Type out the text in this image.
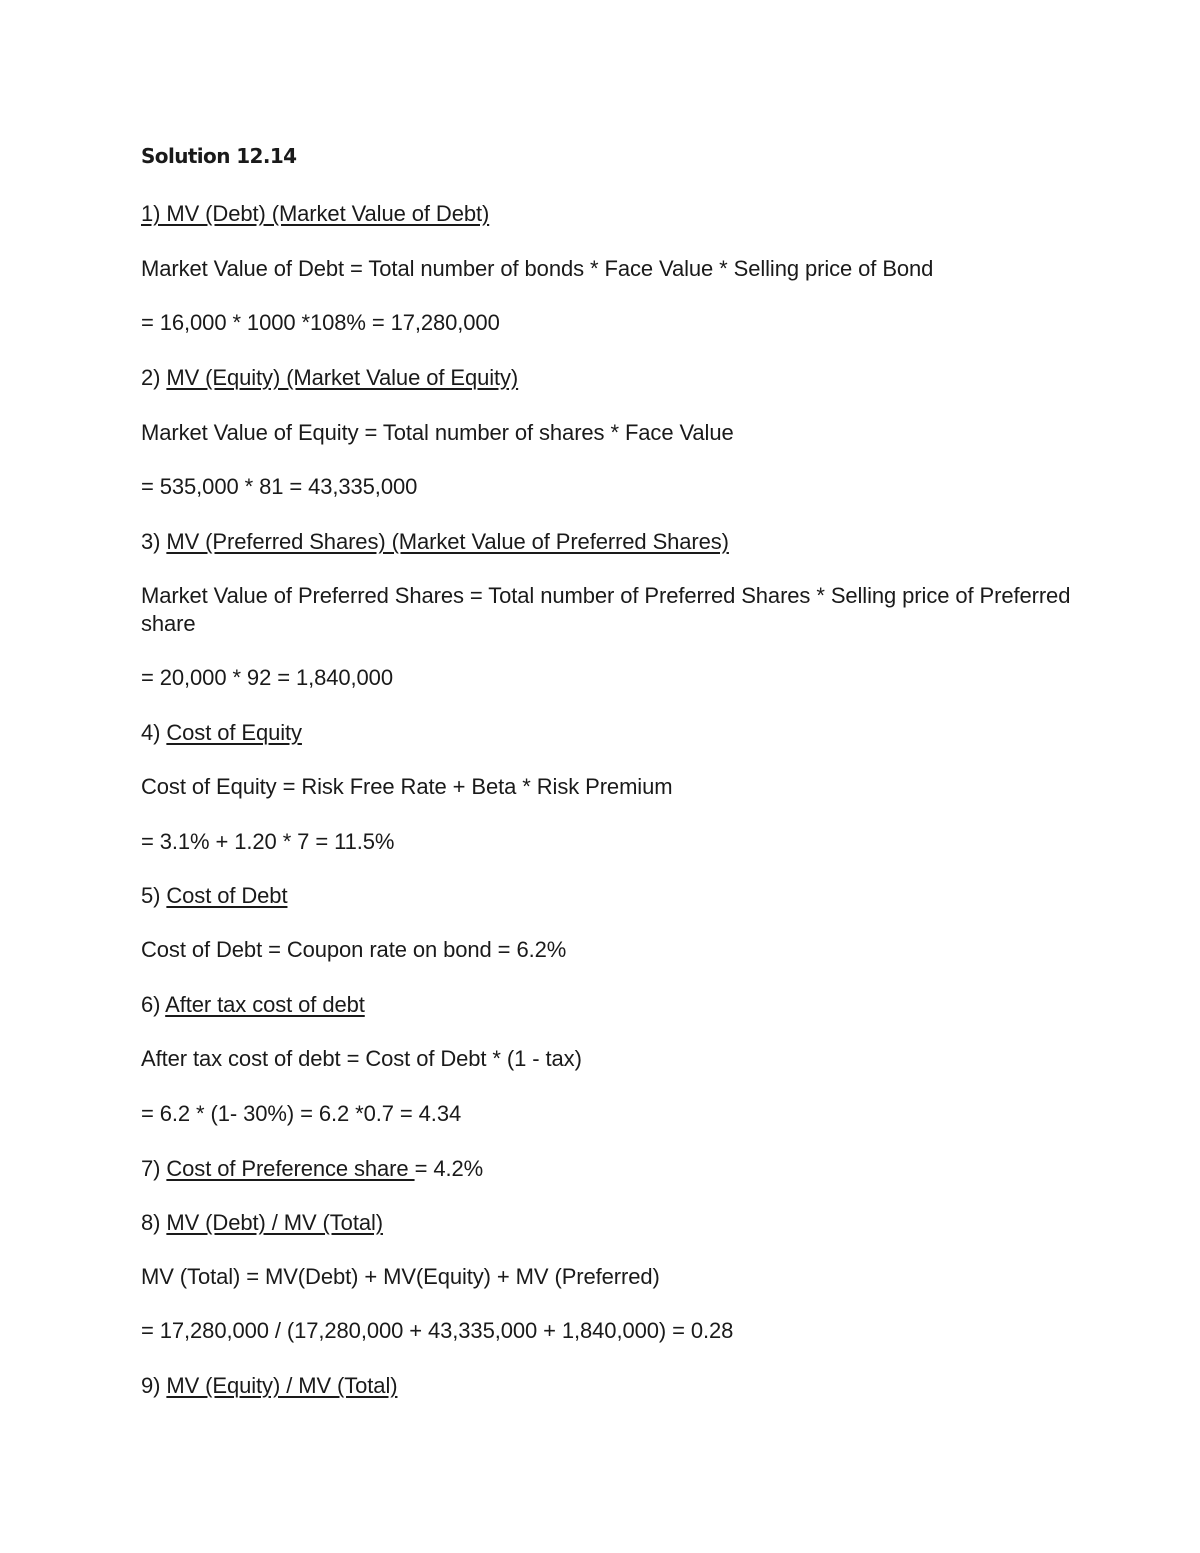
Solution 12.14
1) MV (Debt) (Market Value of Debt)
Market Value of Debt = Total number of bonds * Face Value * Selling price of Bond
= 16,000 * 1000 *108% = 17,280,000
2) MV (Equity) (Market Value of Equity)
Market Value of Equity = Total number of shares * Face Value
= 535,000 * 81 = 43,335,000
3) MV (Preferred Shares) (Market Value of Preferred Shares)
Market Value of Preferred Shares = Total number of Preferred Shares * Selling price of Preferred share
= 20,000 * 92 = 1,840,000
4) Cost of Equity
Cost of Equity = Risk Free Rate + Beta * Risk Premium
= 3.1% + 1.20 * 7 = 11.5%
5) Cost of Debt
Cost of Debt = Coupon rate on bond = 6.2%
6) After tax cost of debt
After tax cost of debt = Cost of Debt * (1 - tax)
= 6.2 * (1- 30%) = 6.2 *0.7 = 4.34
7) Cost of Preference share = 4.2%
8) MV (Debt) / MV (Total)
MV (Total) = MV(Debt) + MV(Equity) + MV (Preferred)
= 17,280,000 / (17,280,000 + 43,335,000 + 1,840,000) = 0.28
9) MV (Equity) / MV (Total)
